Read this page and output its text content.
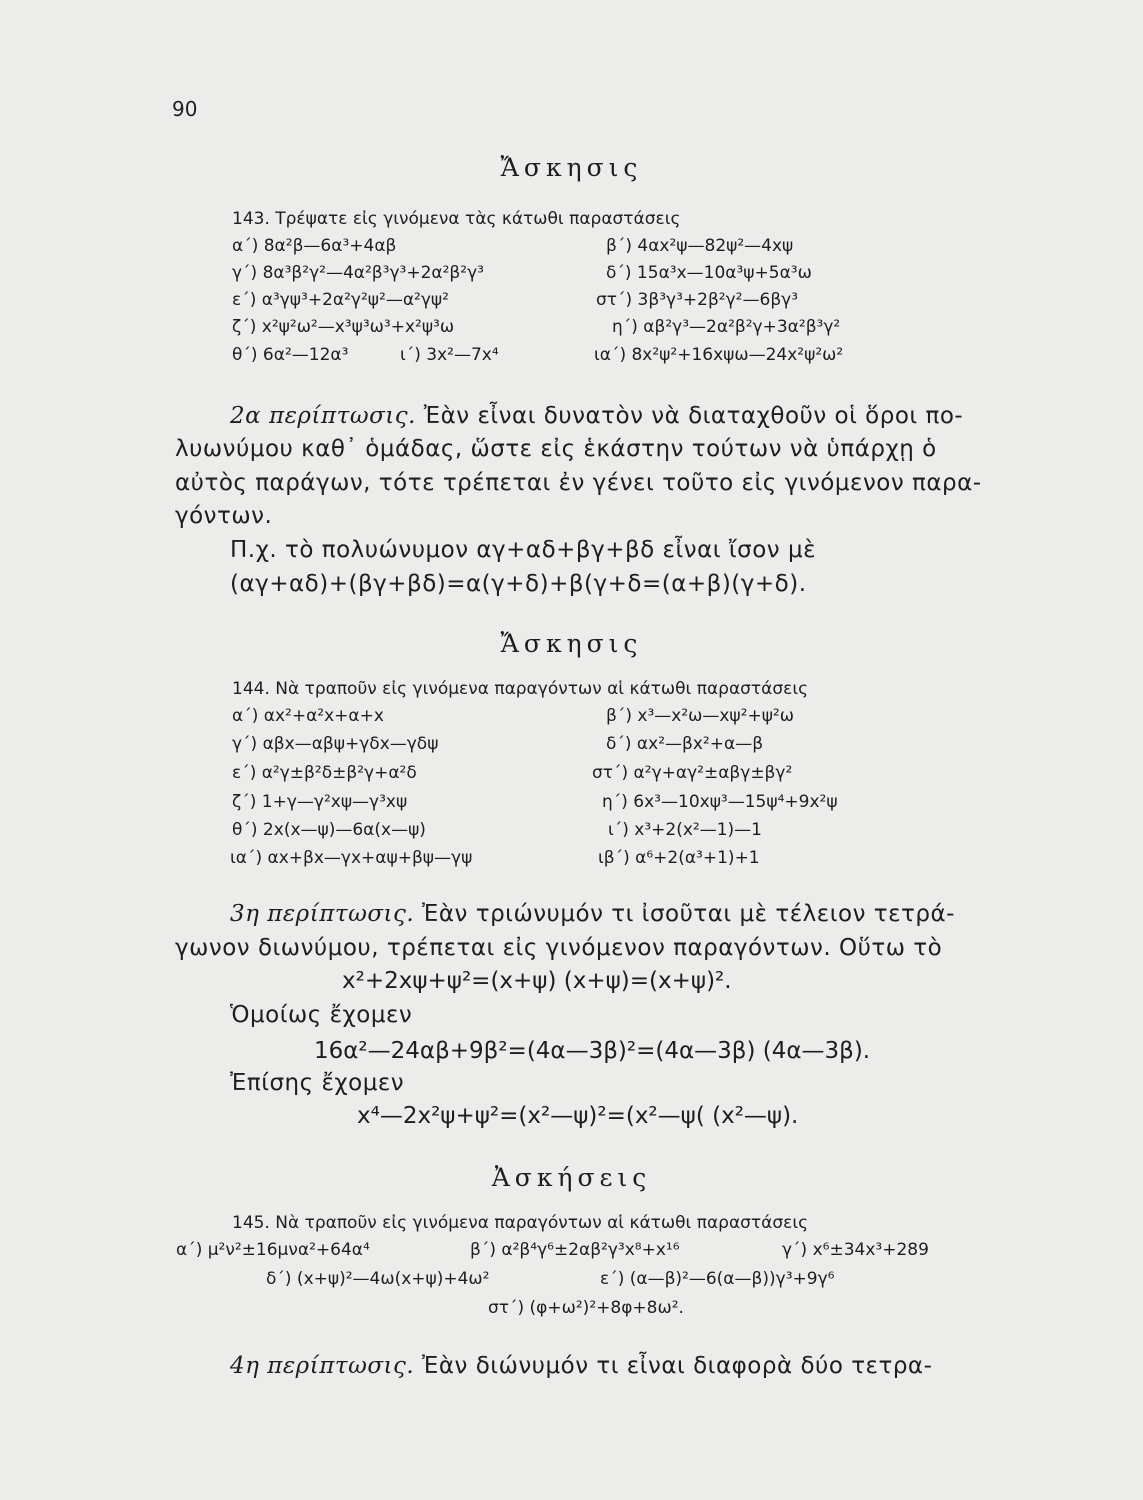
90
Ἄσκησις
143. Τρέψατε εἰς γινόμενα τὰς κάτωθι παραστάσεις
α΄) 8α²β—6α³+4αβ	β΄) 4αx²ψ—82ψ²—4xψ
γ΄) 8α³β²γ²—4α²β³γ³+2α²β²γ³	δ΄) 15α³x—10α³ψ+5α³ω
ε΄) α³γψ³+2α²γ²ψ²—α²γψ²	στ΄) 3β³γ³+2β²γ²—6βγ³
ζ΄) x²ψ²ω²—x³ψ³ω³+x²ψ³ω	η΄) αβ²γ³—2α²β²γ+3α²β³γ²
θ΄) 6α²—12α³	ι΄) 3x²—7x⁴	ια΄) 8x²ψ²+16xψω—24x²ψ²ω²
2α περίπτωσις. Ἐὰν εἶναι δυνατὸν νὰ διαταχθοῦν οἱ ὅροι πο-
λυωνύμου καθ᾽ ὁμάδας, ὥστε εἰς ἑκάστην τούτων νὰ ὑπάρχῃ ὁ
αὐτὸς παράγων, τότε τρέπεται ἐν γένει τοῦτο εἰς γινόμενον παρα-
γόντων.
Π.χ. τὸ πολυώνυμον αγ+αδ+βγ+βδ εἶναι ἴσον μὲ
(αγ+αδ)+(βγ+βδ)=α(γ+δ)+β(γ+δ=(α+β)(γ+δ).
Ἄσκησις
144. Νὰ τραποῦν εἰς γινόμενα παραγόντων αἱ κάτωθι παραστάσεις
α΄) αx²+α²x+α+x	β΄) x³—x²ω—xψ²+ψ²ω
γ΄) αβx—αβψ+γδx—γδψ	δ΄) αx²—βx²+α—β
ε΄) α²γ±β²δ±β²γ+α²δ	στ΄) α²γ+αγ²±αβγ±βγ²
ζ΄) 1+γ—γ²xψ—γ³xψ	η΄) 6x³—10xψ³—15ψ⁴+9x²ψ
θ΄) 2x(x—ψ)—6α(x—ψ)	ι΄) x³+2(x²—1)—1
ια΄) αx+βx—γx+αψ+βψ—γψ	ιβ΄) α⁶+2(α³+1)+1
3η περίπτωσις. Ἐὰν τριώνυμόν τι ἰσοῦται μὲ τέλειον τετρά-
γωνον διωνύμου, τρέπεται εἰς γινόμενον παραγόντων. Οὕτω τὸ
x²+2xψ+ψ²=(x+ψ) (x+ψ)=(x+ψ)².
Ὁμοίως ἔχομεν
16α²—24αβ+9β²=(4α—3β)²=(4α—3β) (4α—3β).
Ἐπίσης ἔχομεν
x⁴—2x²ψ+ψ²=(x²—ψ)²=(x²—ψ( (x²—ψ).
Ἀσκήσεις
145. Νὰ τραποῦν εἰς γινόμενα παραγόντων αἱ κάτωθι παραστάσεις
α΄) μ²ν²±16μνα²+64α⁴	β΄) α²β⁴γ⁶±2αβ²γ³x⁸+x¹⁶	γ΄) x⁶±34x³+289
δ΄) (x+ψ)²—4ω(x+ψ)+4ω²	ε΄) (α—β)²—6(α—β))γ³+9γ⁶
στ΄) (φ+ω²)²+8φ+8ω².
4η περίπτωσις. Ἐὰν διώνυμόν τι εἶναι διαφορὰ δύο τετρα-
